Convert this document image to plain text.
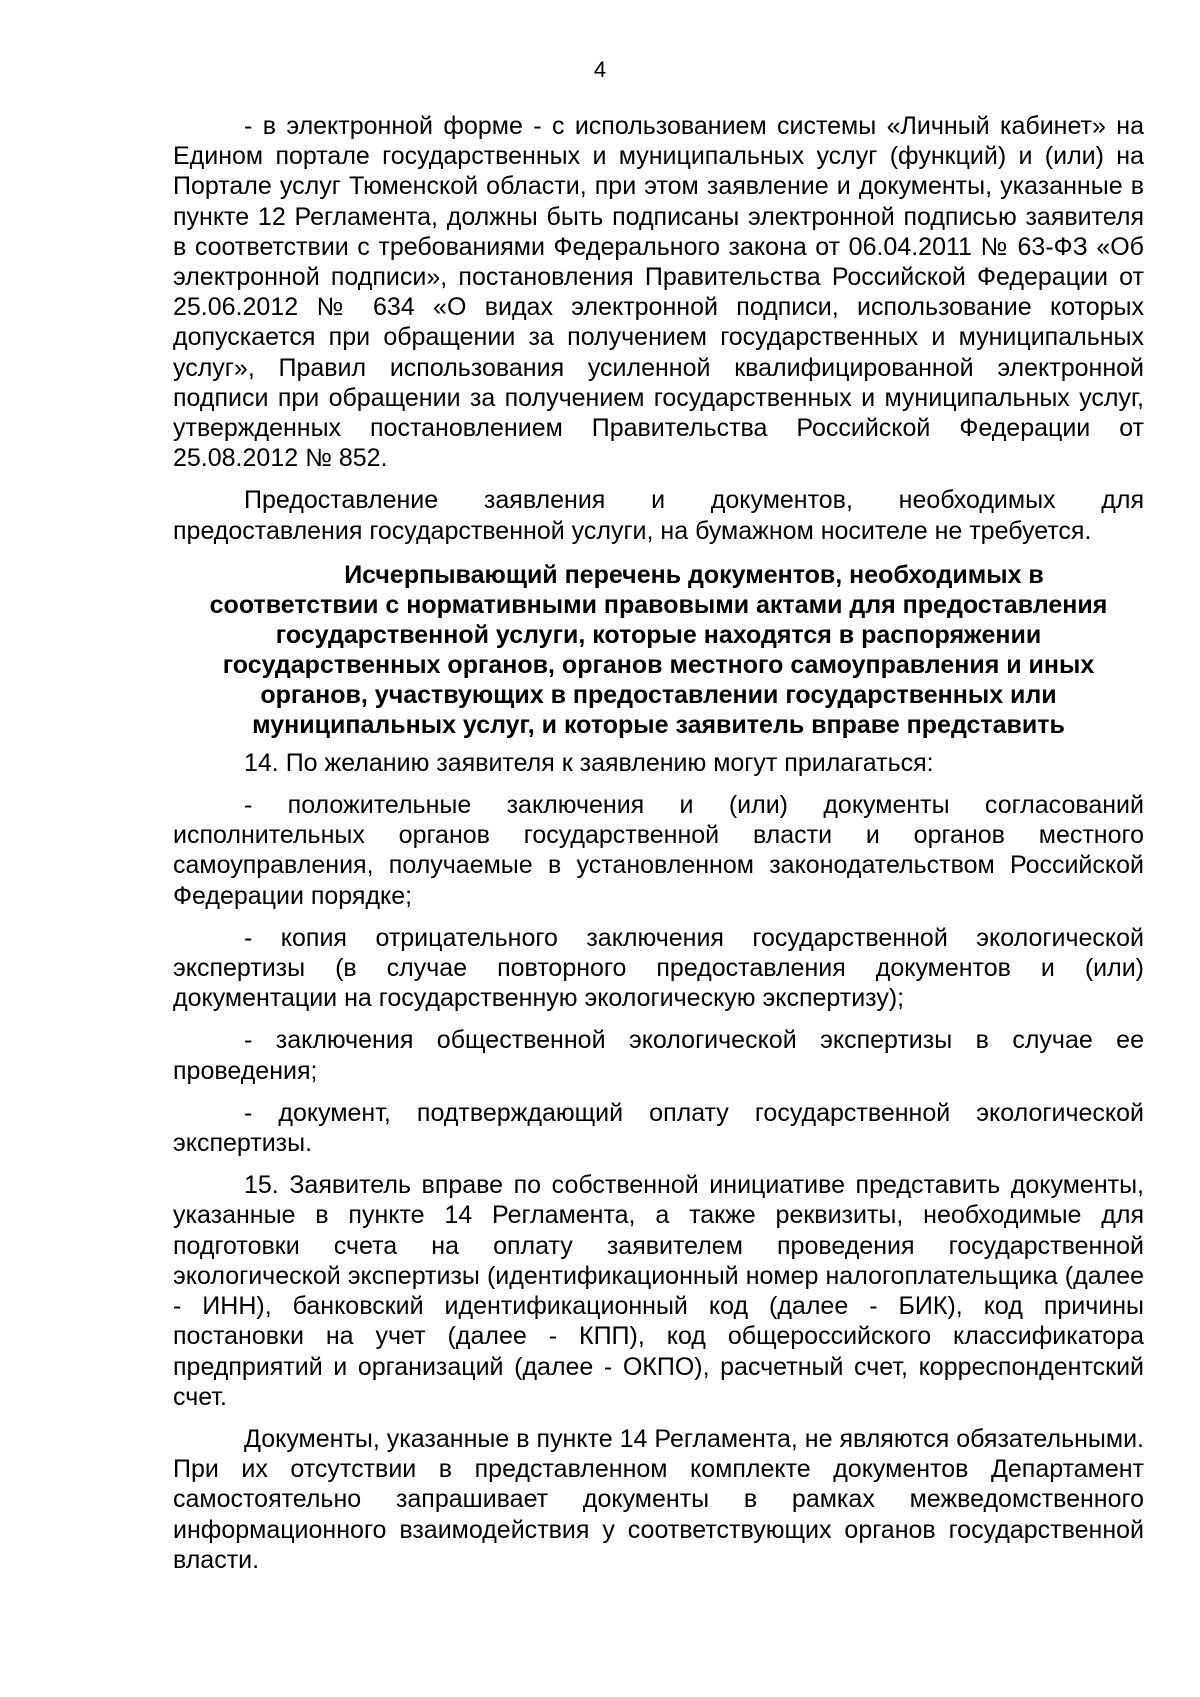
4

- в электронной форме - с использованием системы «Личный кабинет» на Едином портале государственных и муниципальных услуг (функций) и (или) на Портале услуг Тюменской области, при этом заявление и документы, указанные в пункте 12 Регламента, должны быть подписаны электронной подписью заявителя в соответствии с требованиями Федерального закона от 06.04.2011 № 63-ФЗ «Об электронной подписи», постановления Правительства Российской Федерации от 25.06.2012 № 634 «О видах электронной подписи, использование которых допускается при обращении за получением государственных и муниципальных услуг», Правил использования усиленной квалифицированной электронной подписи при обращении за получением государственных и муниципальных услуг, утвержденных постановлением Правительства Российской Федерации от 25.08.2012 № 852.

Предоставление заявления и документов, необходимых для предоставления государственной услуги, на бумажном носителе не требуется.

Исчерпывающий перечень документов, необходимых в
соответствии с нормативными правовыми актами для предоставления
государственной услуги, которые находятся в распоряжении
государственных органов, органов местного самоуправления и иных
органов, участвующих в предоставлении государственных или
муниципальных услуг, и которые заявитель вправе представить

14. По желанию заявителя к заявлению могут прилагаться:

- положительные заключения и (или) документы согласований исполнительных органов государственной власти и органов местного самоуправления, получаемые в установленном законодательством Российской Федерации порядке;

- копия отрицательного заключения государственной экологической экспертизы (в случае повторного предоставления документов и (или) документации на государственную экологическую экспертизу);

- заключения общественной экологической экспертизы в случае ее проведения;

- документ, подтверждающий оплату государственной экологической экспертизы.

15. Заявитель вправе по собственной инициативе представить документы, указанные в пункте 14 Регламента, а также реквизиты, необходимые для подготовки счета на оплату заявителем проведения государственной экологической экспертизы (идентификационный номер налогоплательщика (далее - ИНН), банковский идентификационный код (далее - БИК), код причины постановки на учет (далее - КПП), код общероссийского классификатора предприятий и организаций (далее - ОКПО), расчетный счет, корреспондентский счет.

Документы, указанные в пункте 14 Регламента, не являются обязательными. При их отсутствии в представленном комплекте документов Департамент самостоятельно запрашивает документы в рамках межведомственного информационного взаимодействия у соответствующих органов государственной власти.
